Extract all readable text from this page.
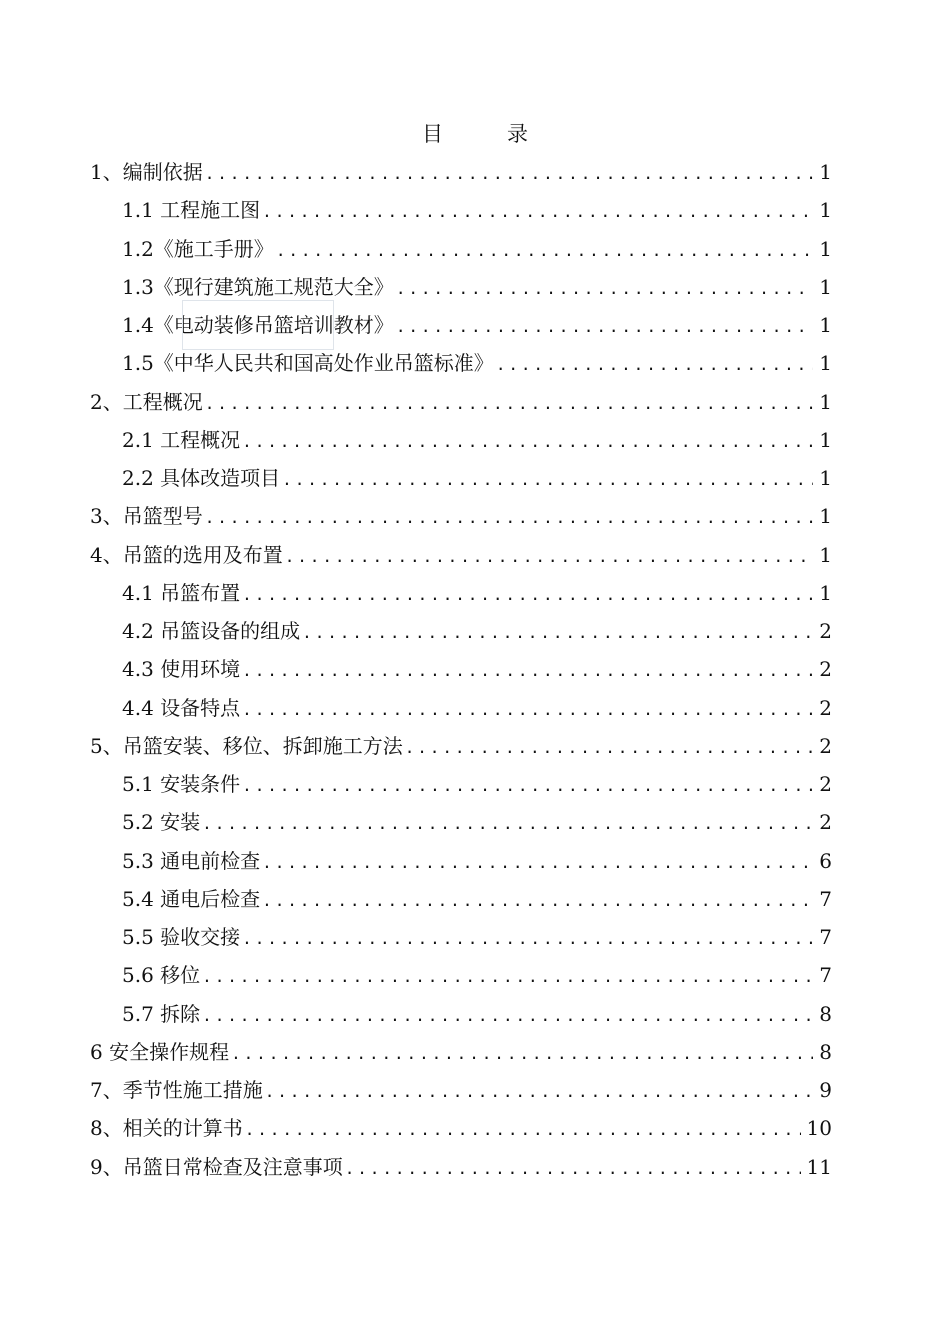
目	录
1、编制依据 .....	1
1.1 工程施工图 .....	1
1.2《施工手册》 .....	1
1.3《现行建筑施工规范大全》 .....	1
1.4《电动装修吊篮培训教材》 .....	1
1.5《中华人民共和国高处作业吊篮标准》 .....	1
2、工程概况 .....	1
2.1 工程概况 .....	1
2.2 具体改造项目 .....	1
3、吊篮型号 .....	1
4、吊篮的选用及布置 .....	1
4.1 吊篮布置 .....	1
4.2 吊篮设备的组成 .....	2
4.3 使用环境 .....	2
4.4 设备特点 .....	2
5、吊篮安装、移位、拆卸施工方法 .....	2
5.1 安装条件 .....	2
5.2 安装 .....	2
5.3 通电前检查 .....	6
5.4 通电后检查 .....	7
5.5 验收交接 .....	7
5.6 移位 .....	7
5.7 拆除 .....	8
6 安全操作规程 .....	8
7、季节性施工措施 .....	9
8、相关的计算书 .....	10
9、吊篮日常检查及注意事项 .....	11
